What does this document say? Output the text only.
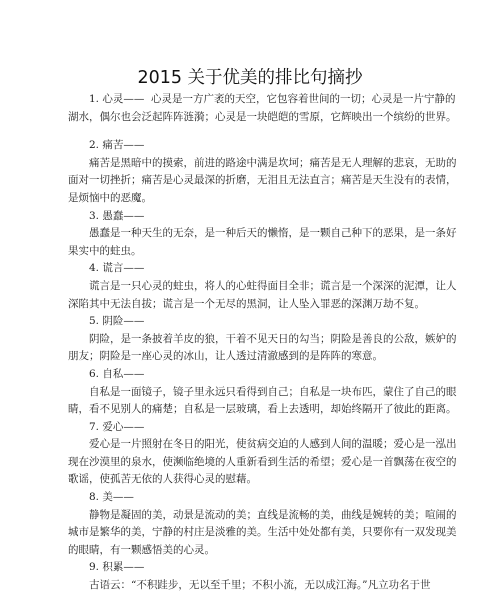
2015 关于优美的排比句摘抄

1. 心灵—— 心灵是一方广袤的天空，它包容着世间的一切；心灵是一片宁静的湖水，偶尔也会泛起阵阵涟漪；心灵是一块皑皑的雪原，它辉映出一个缤纷的世界。

2. 痛苦——

痛苦是黑暗中的摸索，前进的路途中满是坎坷；痛苦是无人理解的悲哀，无助的面对一切挫折；痛苦是心灵最深的折磨，无泪且无法直言；痛苦是天生没有的表情，是烦恼中的恶魔。

3. 愚蠢——

愚蠢是一种天生的无奈，是一种后天的懒惰，是一颗自己种下的恶果，是一条好果实中的蛀虫。

4. 谎言——

谎言是一只心灵的蛀虫，将人的心蛀得面目全非；谎言是一个深深的泥潭，让人深陷其中无法自拔；谎言是一个无尽的黑洞，让人坠入罪恶的深渊万劫不复。

5. 阴险——

阴险，是一条披着羊皮的狼，干着不见天日的勾当；阴险是善良的公敌，嫉妒的朋友；阴险是一座心灵的冰山，让人透过清澈感到的是阵阵的寒意。

6. 自私——

自私是一面镜子，镜子里永远只看得到自己；自私是一块布匹，蒙住了自己的眼睛，看不见别人的痛楚；自私是一层玻璃，看上去透明，却始终隔开了彼此的距离。

7. 爱心——

爱心是一片照射在冬日的阳光，使贫病交迫的人感到人间的温暖；爱心是一泓出现在沙漠里的泉水，使濒临绝境的人重新看到生活的希望；爱心是一首飘荡在夜空的歌谣，使孤苦无依的人获得心灵的慰藉。

8. 美——

静物是凝固的美，动景是流动的美；直线是流畅的美，曲线是婉转的美；喧闹的城市是繁华的美，宁静的村庄是淡雅的美。生活中处处都有美，只要你有一双发现美的眼睛，有一颗感悟美的心灵。

9. 积累——

古语云：“不积跬步，无以至千里；不积小流，无以成江海。”凡立功名于世
